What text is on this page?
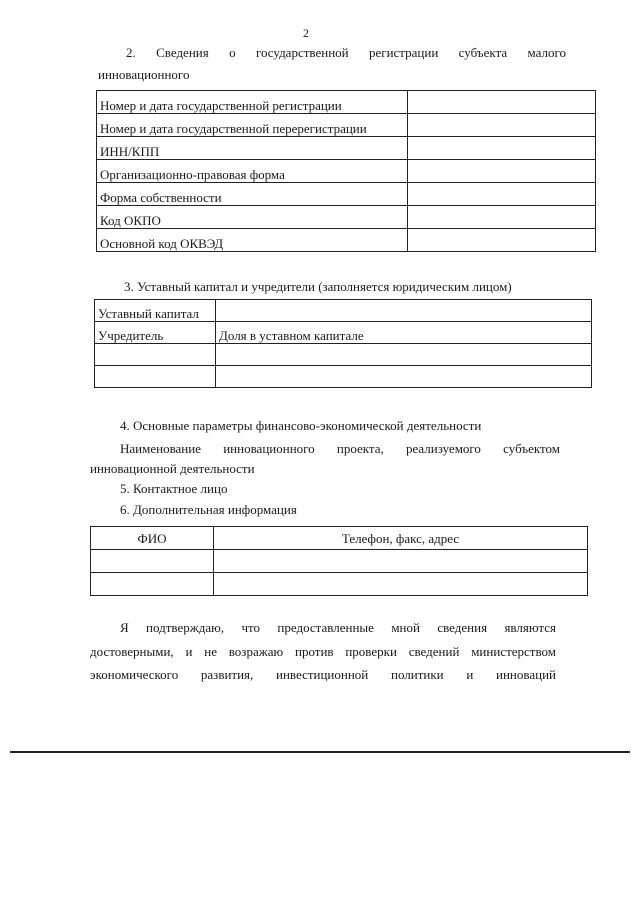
2
2. Сведения о государственной регистрации субъекта малого
инновационного
Номер и дата государственной регистрации	
Номер и дата государственной перерегистрации	
ИНН/КПП	
Организационно-правовая форма	
Форма собственности	
Код ОКПО	
Основной код ОКВЭД	
3. Уставный капитал и учредители (заполняется юридическим лицом)
Уставный капитал	
Учредитель	Доля в уставном капитале

4. Основные параметры финансово-экономической деятельности
Наименование инновационного проекта, реализуемого субъектом
инновационной деятельности
5. Контактное лицо
6. Дополнительная информация
ФИО	Телефон, факс, адрес

Я подтверждаю, что предоставленные мной сведения являются
достоверными, и не возражаю против проверки сведений министерством
экономического развития, инвестиционной политики и инноваций
